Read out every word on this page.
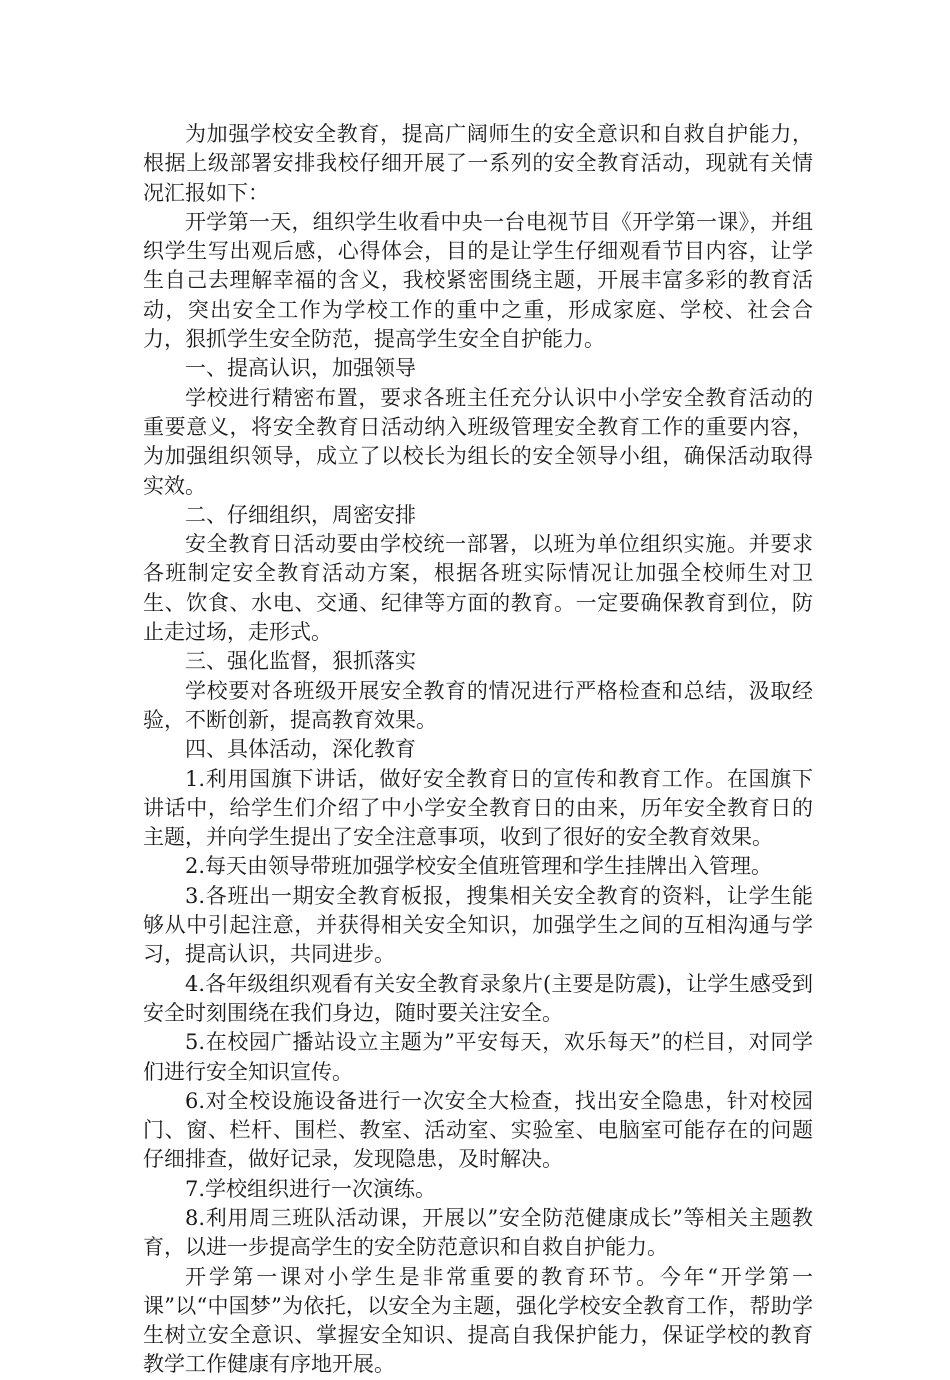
为加强学校安全教育，提高广阔师生的安全意识和自救自护能力，根据上级部署安排我校仔细开展了一系列的安全教育活动，现就有关情况汇报如下：

开学第一天，组织学生收看中央一台电视节目《开学第一课》，并组织学生写出观后感，心得体会，目的是让学生仔细观看节目内容，让学生自己去理解幸福的含义，我校紧密围绕主题，开展丰富多彩的教育活动，突出安全工作为学校工作的重中之重，形成家庭、学校、社会合力，狠抓学生安全防范，提高学生安全自护能力。

一、提高认识，加强领导

学校进行精密布置，要求各班主任充分认识中小学安全教育活动的重要意义，将安全教育日活动纳入班级管理安全教育工作的重要内容，为加强组织领导，成立了以校长为组长的安全领导小组，确保活动取得实效。

二、仔细组织，周密安排

安全教育日活动要由学校统一部署，以班为单位组织实施。并要求各班制定安全教育活动方案，根据各班实际情况让加强全校师生对卫生、饮食、水电、交通、纪律等方面的教育。一定要确保教育到位，防止走过场，走形式。

三、强化监督，狠抓落实

学校要对各班级开展安全教育的情况进行严格检查和总结，汲取经验，不断创新，提高教育效果。

四、具体活动，深化教育

1.利用国旗下讲话，做好安全教育日的宣传和教育工作。在国旗下讲话中，给学生们介绍了中小学安全教育日的由来，历年安全教育日的主题，并向学生提出了安全注意事项，收到了很好的安全教育效果。

2.每天由领导带班加强学校安全值班管理和学生挂牌出入管理。

3.各班出一期安全教育板报，搜集相关安全教育的资料，让学生能够从中引起注意，并获得相关安全知识，加强学生之间的互相沟通与学习，提高认识，共同进步。

4.各年级组织观看有关安全教育录象片(主要是防震)，让学生感受到安全时刻围绕在我们身边，随时要关注安全。

5.在校园广播站设立主题为”平安每天，欢乐每天”的栏目，对同学们进行安全知识宣传。

6.对全校设施设备进行一次安全大检查，找出安全隐患，针对校园门、窗、栏杆、围栏、教室、活动室、实验室、电脑室可能存在的问题仔细排查，做好记录，发现隐患，及时解决。

7.学校组织进行一次演练。

8.利用周三班队活动课，开展以”安全防范健康成长”等相关主题教育，以进一步提高学生的安全防范意识和自救自护能力。

开学第一课对小学生是非常重要的教育环节。今年“开学第一课”以“中国梦”为依托，以安全为主题，强化学校安全教育工作，帮助学生树立安全意识、掌握安全知识、提高自我保护能力，保证学校的教育教学工作健康有序地开展。
